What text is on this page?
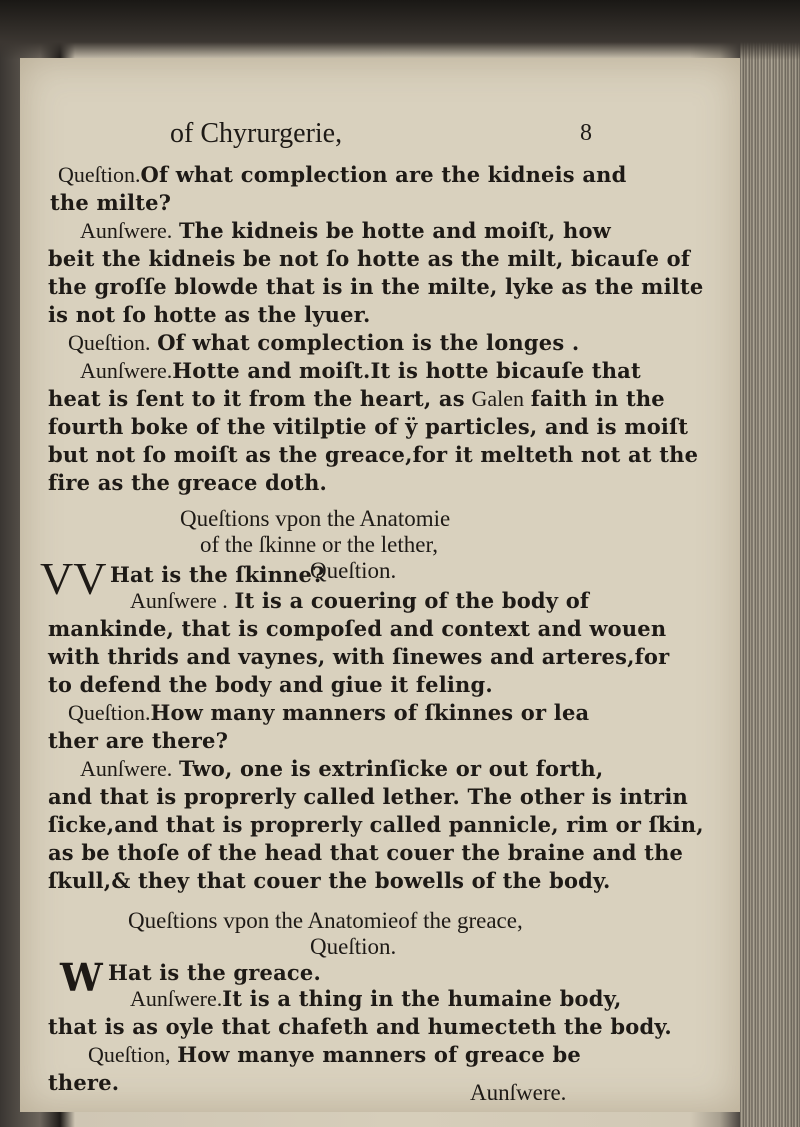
of Chyrurgerie,	8
Queſtion.Of what complection are the kidneis and
the milte?
Aunſwere. The kidneis be hotte and moiſt, how
beit the kidneis be not ſo hotte as the milt, bicauſe of
the groſſe blowde that is in the milte, lyke as the milte
is not ſo hotte as the lyuer.
Queſtion. Of what complection is the longes .
Aunſwere.Hotte and moiſt.It is hotte bicauſe that
heat is ſent to it from the heart, as Galen faith in the
fourth boke of the vitilptie of ÿ particles, and is moiſt
but not ſo moiſt as the greace,for it melteth not at the
fire as the greace doth.
Queſtions vpon the Anatomie
of the ſkinne or the lether,
Queſtion.
VV Hat is the ſkinne?
Aunſwere . It is a couering of the body of
mankinde, that is compoſed and context and wouen
with thrids and vaynes, with ſinewes and arteres,for
to defend the body and giue it feling.
Queſtion.How many manners of ſkinnes or lea
ther are there?
Aunſwere. Two, one is extrinſicke or out forth,
and that is proprerly called lether. The other is intrin
ſicke,and that is proprerly called pannicle, rim or ſkin,
as be thoſe of the head that couer the braine and the
ſkull,& they that couer the bowells of the body.
Queſtions vpon the Anatomieof the greace,
Queſtion.
W Hat is the greace.
Aunſwere.It is a thing in the humaine body,
that is as oyle that chafeth and humecteth the body.
Queſtion, How manye manners of greace be
there.	Aunſwere.
